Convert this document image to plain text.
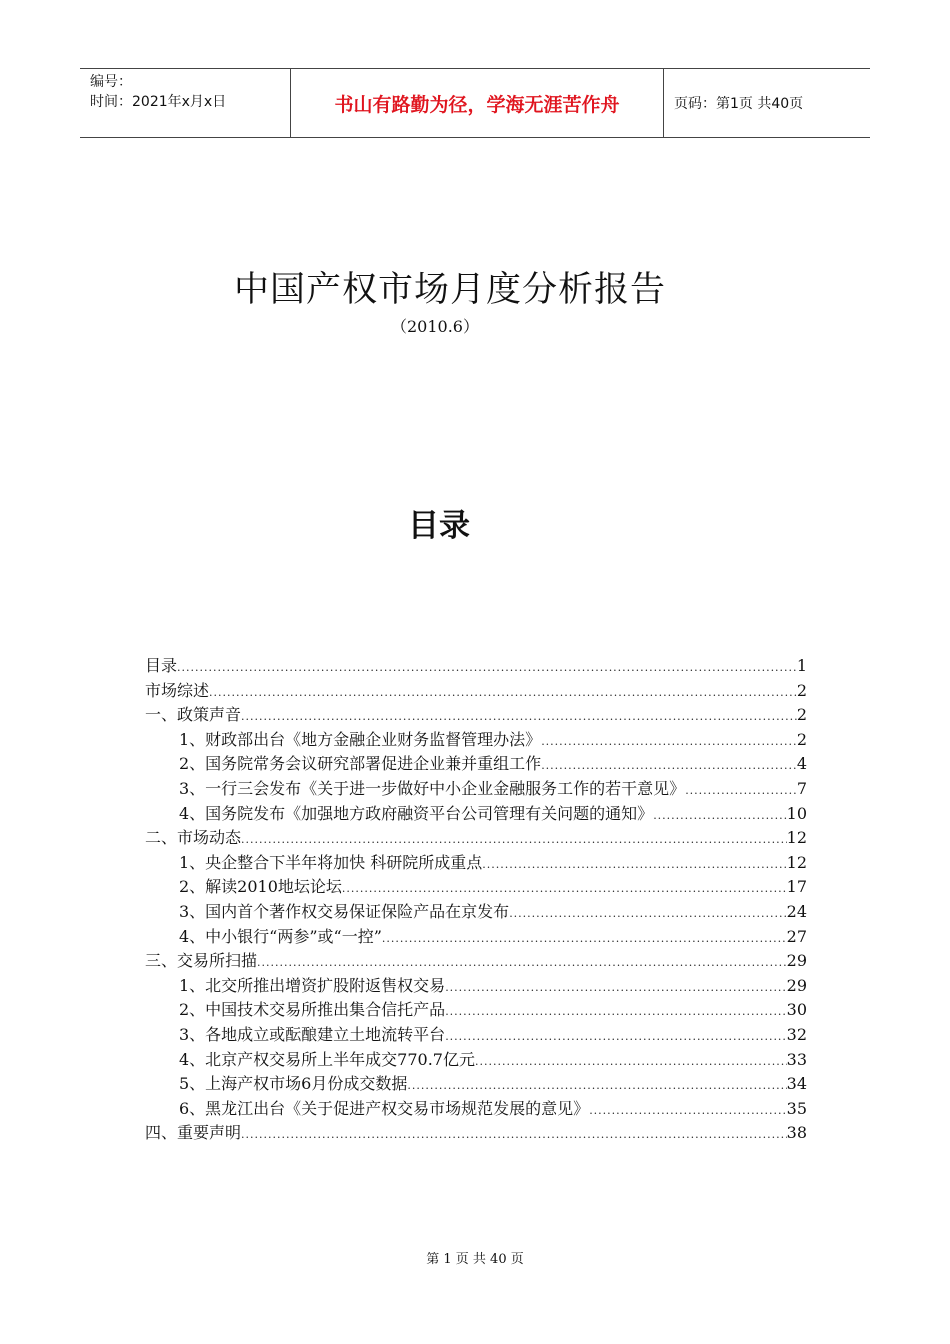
编号：
时间：2021年x月x日	书山有路勤为径，学海无涯苦作舟	页码：第1页 共40页
中国产权市场月度分析报告
（2010.6）
目录
目录 .....	1
市场综述 .....	2
一、政策声音 .....	2
1、财政部出台《地方金融企业财务监督管理办法》 .....	2
2、国务院常务会议研究部署促进企业兼并重组工作 .....	4
3、一行三会发布《关于进一步做好中小企业金融服务工作的若干意见》 .....	7
4、国务院发布《加强地方政府融资平台公司管理有关问题的通知》 .....	10
二、市场动态 .....	12
1、央企整合下半年将加快 科研院所成重点 .....	12
2、解读2010地坛论坛 .....	17
3、国内首个著作权交易保证保险产品在京发布 .....	24
4、中小银行“两参”或“一控” .....	27
三、交易所扫描 .....	29
1、北交所推出增资扩股附返售权交易 .....	29
2、中国技术交易所推出集合信托产品 .....	30
3、各地成立或酝酿建立土地流转平台 .....	32
4、北京产权交易所上半年成交770.7亿元 .....	33
5、上海产权市场6月份成交数据 .....	34
6、黑龙江出台《关于促进产权交易市场规范发展的意见》 .....	35
四、重要声明 .....	38
第 1 页 共 40 页
